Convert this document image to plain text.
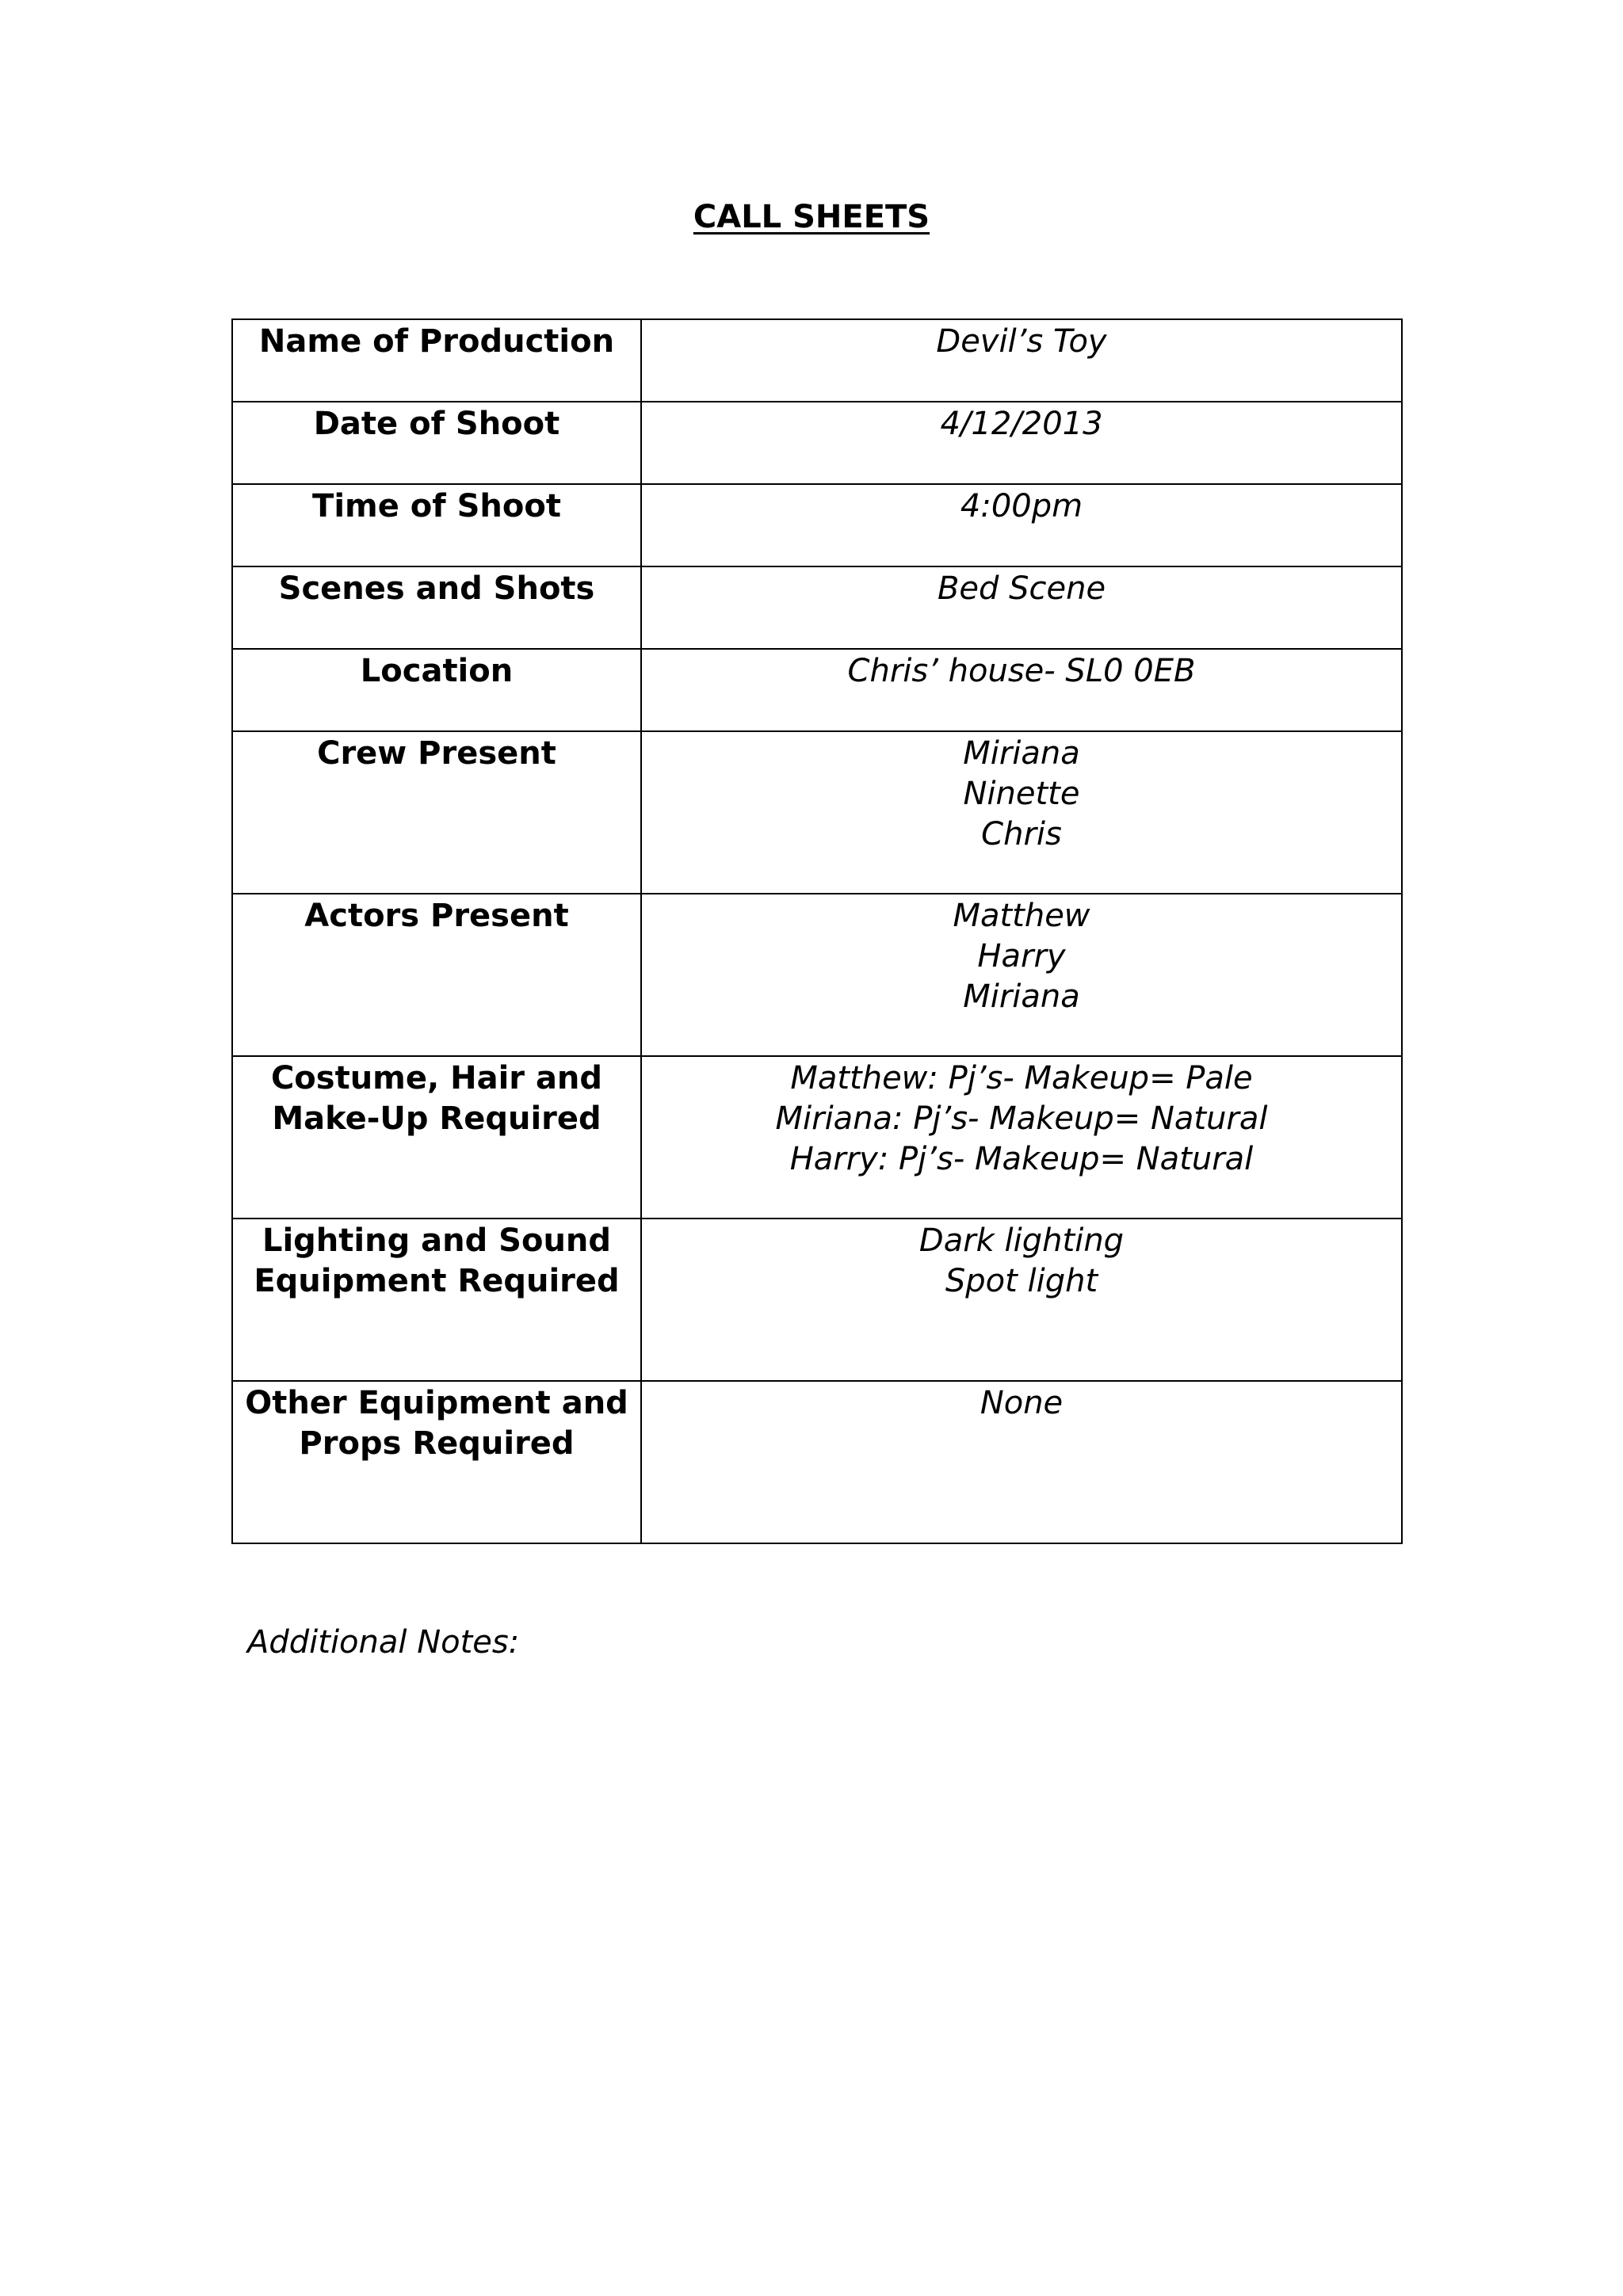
CALL SHEETS
Name of Production	Devil’s Toy

Date of Shoot	4/12/2013

Time of Shoot	4:00pm

Scenes and Shots	Bed Scene

Location	Chris’ house- SL0 0EB

Crew Present	Miriana
Ninette
Chris

Actors Present	Matthew
Harry
Miriana

Costume, Hair and
Make-Up Required	Matthew: Pj’s- Makeup= Pale
Miriana: Pj’s- Makeup= Natural
Harry: Pj’s- Makeup= Natural

Lighting and Sound
Equipment Required	Dark lighting
Spot light

Other Equipment and
Props Required	None
Additional Notes:
